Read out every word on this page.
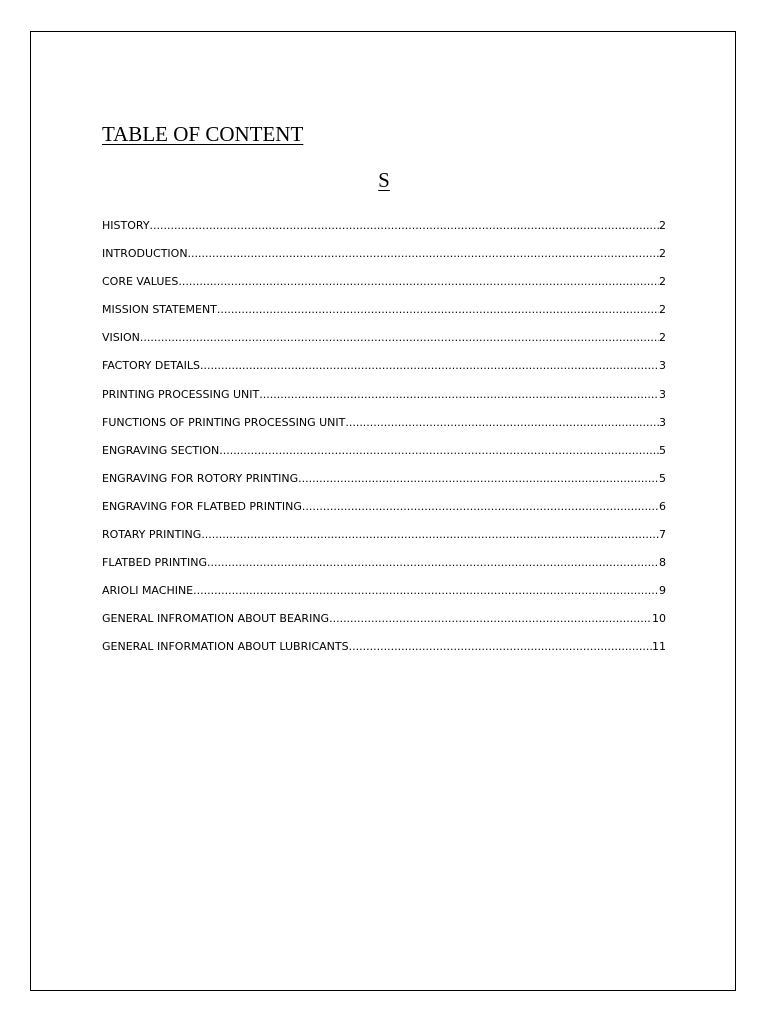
TABLE OF CONTENT
S
HISTORY .....	2
INTRODUCTION .....	2
CORE VALUES .....	2
MISSION STATEMENT .....	2
VISION .....	2
FACTORY DETAILS .....	3
PRINTING PROCESSING UNIT .....	3
FUNCTIONS OF PRINTING PROCESSING UNIT .....	3
ENGRAVING SECTION .....	5
ENGRAVING FOR ROTORY PRINTING .....	5
ENGRAVING FOR FLATBED PRINTING .....	6
ROTARY PRINTING .....	7
FLATBED PRINTING .....	8
ARIOLI MACHINE .....	9
GENERAL INFROMATION ABOUT BEARING .....	10
GENERAL INFORMATION ABOUT LUBRICANTS .....	11
